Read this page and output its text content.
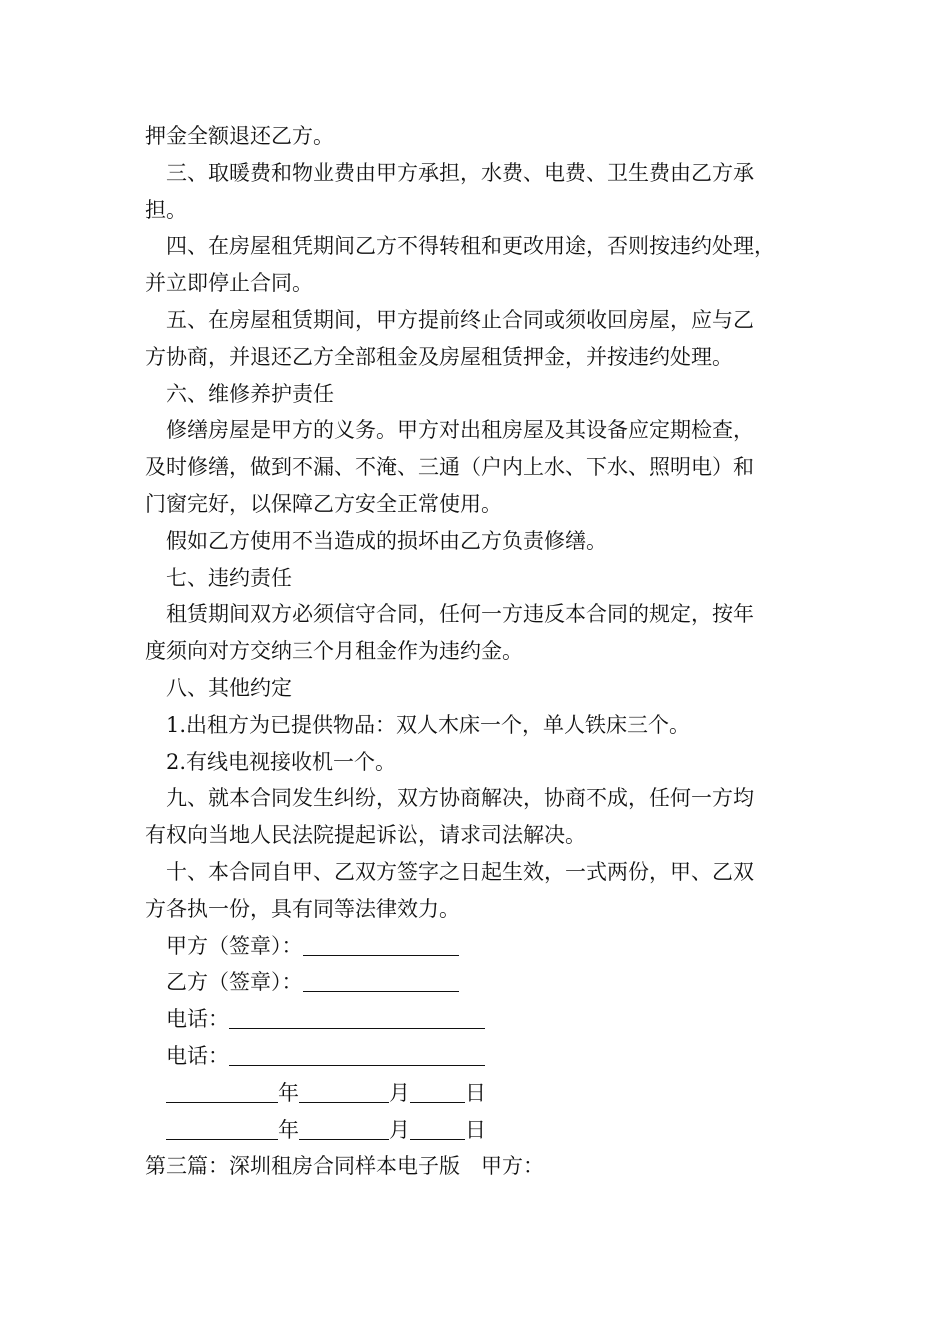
押金全额退还乙方。

三、取暖费和物业费由甲方承担，水费、电费、卫生费由乙方承

担。

四、在房屋租凭期间乙方不得转租和更改用途，否则按违约处理，

并立即停止合同。

五、在房屋租赁期间，甲方提前终止合同或须收回房屋，应与乙

方协商，并退还乙方全部租金及房屋租赁押金，并按违约处理。

六、维修养护责任

修缮房屋是甲方的义务。甲方对出租房屋及其设备应定期检查，

及时修缮，做到不漏、不淹、三通（户内上水、下水、照明电）和

门窗完好，以保障乙方安全正常使用。

假如乙方使用不当造成的损坏由乙方负责修缮。

七、违约责任

租赁期间双方必须信守合同，任何一方违反本合同的规定，按年

度须向对方交纳三个月租金作为违约金。

八、其他约定

1.出租方为已提供物品：双人木床一个，单人铁床三个。

2.有线电视接收机一个。

九、就本合同发生纠纷，双方协商解决，协商不成，任何一方均

有权向当地人民法院提起诉讼，请求司法解决。

十、本合同自甲、乙双方签字之日起生效，一式两份，甲、乙双

方各执一份，具有同等法律效力。

甲方（签章）：

乙方（签章）：

电话：

电话：

年	月	日

年	月	日

第三篇：深圳租房合同样本电子版　甲方：
